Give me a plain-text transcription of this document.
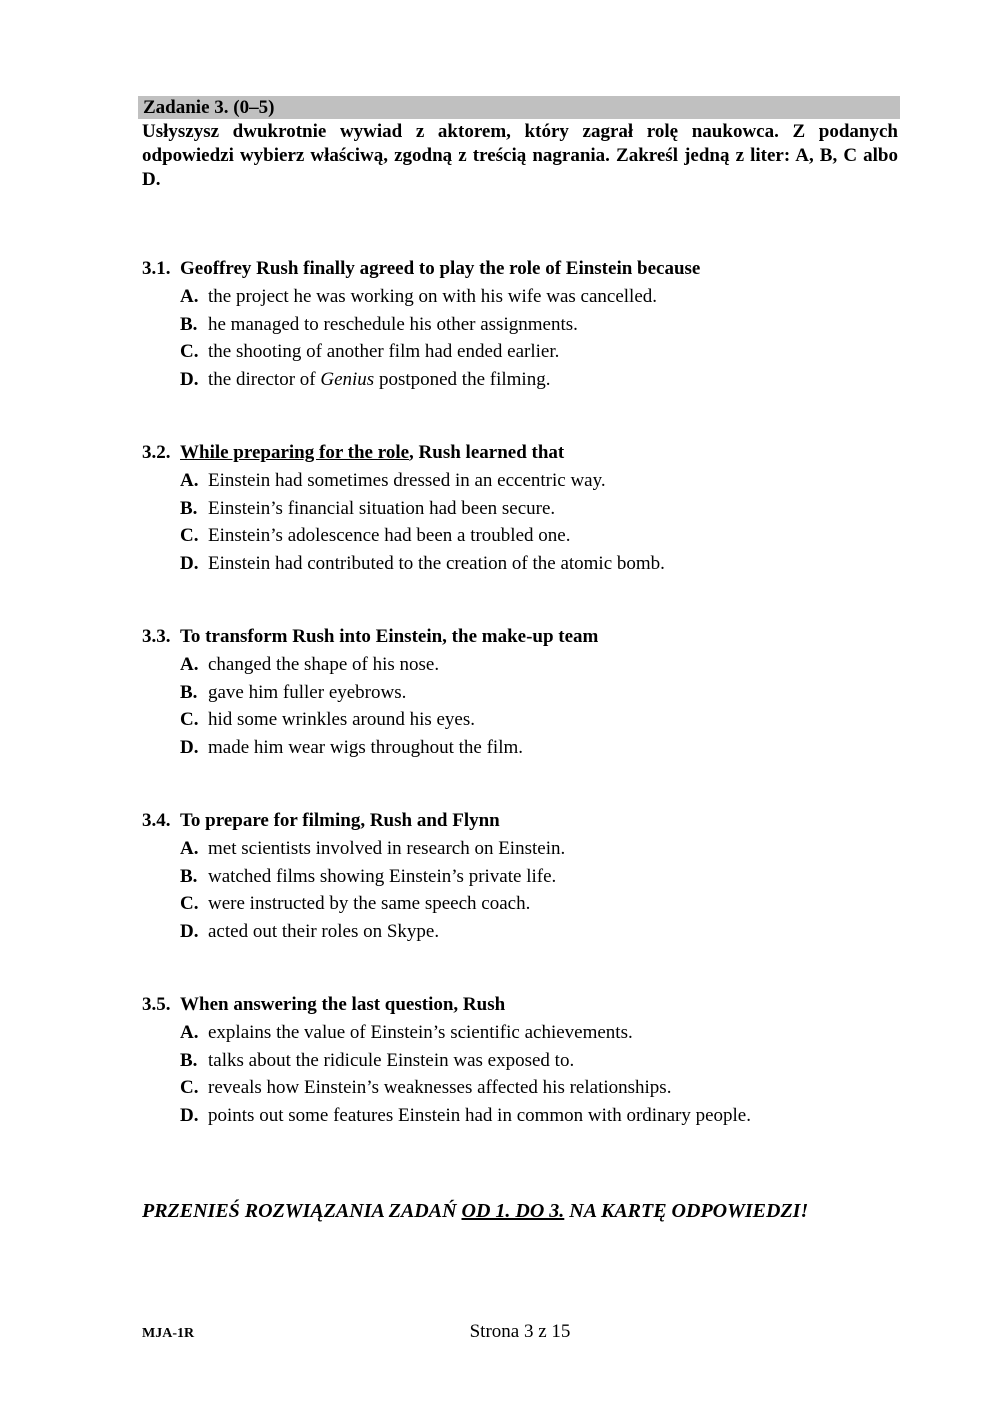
Zadanie 3. (0–5)

Usłyszysz dwukrotnie wywiad z aktorem, który zagrał rolę naukowca. Z podanych odpowiedzi wybierz właściwą, zgodną z treścią nagrania. Zakreśl jedną z liter: A, B, C albo D.

3.1. Geoffrey Rush finally agreed to play the role of Einstein because
A. the project he was working on with his wife was cancelled.
B. he managed to reschedule his other assignments.
C. the shooting of another film had ended earlier.
D. the director of Genius postponed the filming.
3.2. While preparing for the role, Rush learned that
A. Einstein had sometimes dressed in an eccentric way.
B. Einstein’s financial situation had been secure.
C. Einstein’s adolescence had been a troubled one.
D. Einstein had contributed to the creation of the atomic bomb.
3.3. To transform Rush into Einstein, the make-up team
A. changed the shape of his nose.
B. gave him fuller eyebrows.
C. hid some wrinkles around his eyes.
D. made him wear wigs throughout the film.
3.4. To prepare for filming, Rush and Flynn
A. met scientists involved in research on Einstein.
B. watched films showing Einstein’s private life.
C. were instructed by the same speech coach.
D. acted out their roles on Skype.
3.5. When answering the last question, Rush
A. explains the value of Einstein’s scientific achievements.
B. talks about the ridicule Einstein was exposed to.
C. reveals how Einstein’s weaknesses affected his relationships.
D. points out some features Einstein had in common with ordinary people.
PRZENIEŚ ROZWIĄZANIA ZADAŃ OD 1. DO 3. NA KARTĘ ODPOWIEDZI!
MJA-1R	Strona 3 z 15
